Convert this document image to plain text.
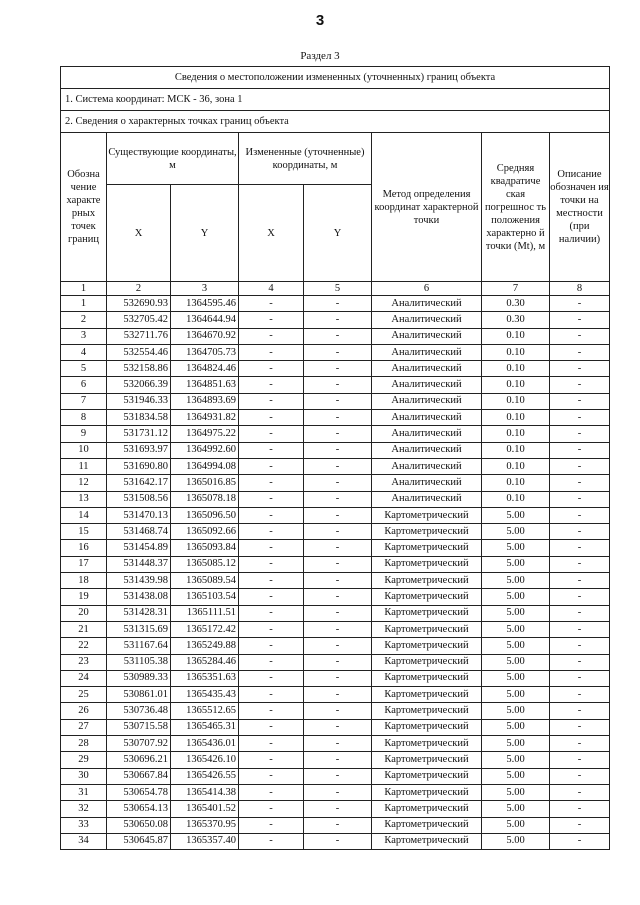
3
Раздел 3
Сведения о местоположении измененных (уточненных) границ объекта							
1. Система координат: МСК - 36, зона 1							
2. Сведения о характерных точках границ объекта							
Обозна чение характе рных точек границ	Существующие координаты, м		Измененные (уточненные) координаты, м		Метод определения координат характерной точки	Средняя квадратиче ская погрешнос ть положения характерно й точки (Mt), м	Описание обозначен ия точки на местности (при наличии)
	X	Y	X	Y			
1	2	3	4	5	6	7	8
1	532690.93	1364595.46	-	-	Аналитический	0.30	-
2	532705.42	1364644.94	-	-	Аналитический	0.30	-
3	532711.76	1364670.92	-	-	Аналитический	0.10	-
4	532554.46	1364705.73	-	-	Аналитический	0.10	-
5	532158.86	1364824.46	-	-	Аналитический	0.10	-
6	532066.39	1364851.63	-	-	Аналитический	0.10	-
7	531946.33	1364893.69	-	-	Аналитический	0.10	-
8	531834.58	1364931.82	-	-	Аналитический	0.10	-
9	531731.12	1364975.22	-	-	Аналитический	0.10	-
10	531693.97	1364992.60	-	-	Аналитический	0.10	-
11	531690.80	1364994.08	-	-	Аналитический	0.10	-
12	531642.17	1365016.85	-	-	Аналитический	0.10	-
13	531508.56	1365078.18	-	-	Аналитический	0.10	-
14	531470.13	1365096.50	-	-	Картометрический	5.00	-
15	531468.74	1365092.66	-	-	Картометрический	5.00	-
16	531454.89	1365093.84	-	-	Картометрический	5.00	-
17	531448.37	1365085.12	-	-	Картометрический	5.00	-
18	531439.98	1365089.54	-	-	Картометрический	5.00	-
19	531438.08	1365103.54	-	-	Картометрический	5.00	-
20	531428.31	1365111.51	-	-	Картометрический	5.00	-
21	531315.69	1365172.42	-	-	Картометрический	5.00	-
22	531167.64	1365249.88	-	-	Картометрический	5.00	-
23	531105.38	1365284.46	-	-	Картометрический	5.00	-
24	530989.33	1365351.63	-	-	Картометрический	5.00	-
25	530861.01	1365435.43	-	-	Картометрический	5.00	-
26	530736.48	1365512.65	-	-	Картометрический	5.00	-
27	530715.58	1365465.31	-	-	Картометрический	5.00	-
28	530707.92	1365436.01	-	-	Картометрический	5.00	-
29	530696.21	1365426.10	-	-	Картометрический	5.00	-
30	530667.84	1365426.55	-	-	Картометрический	5.00	-
31	530654.78	1365414.38	-	-	Картометрический	5.00	-
32	530654.13	1365401.52	-	-	Картометрический	5.00	-
33	530650.08	1365370.95	-	-	Картометрический	5.00	-
34	530645.87	1365357.40	-	-	Картометрический	5.00	-
